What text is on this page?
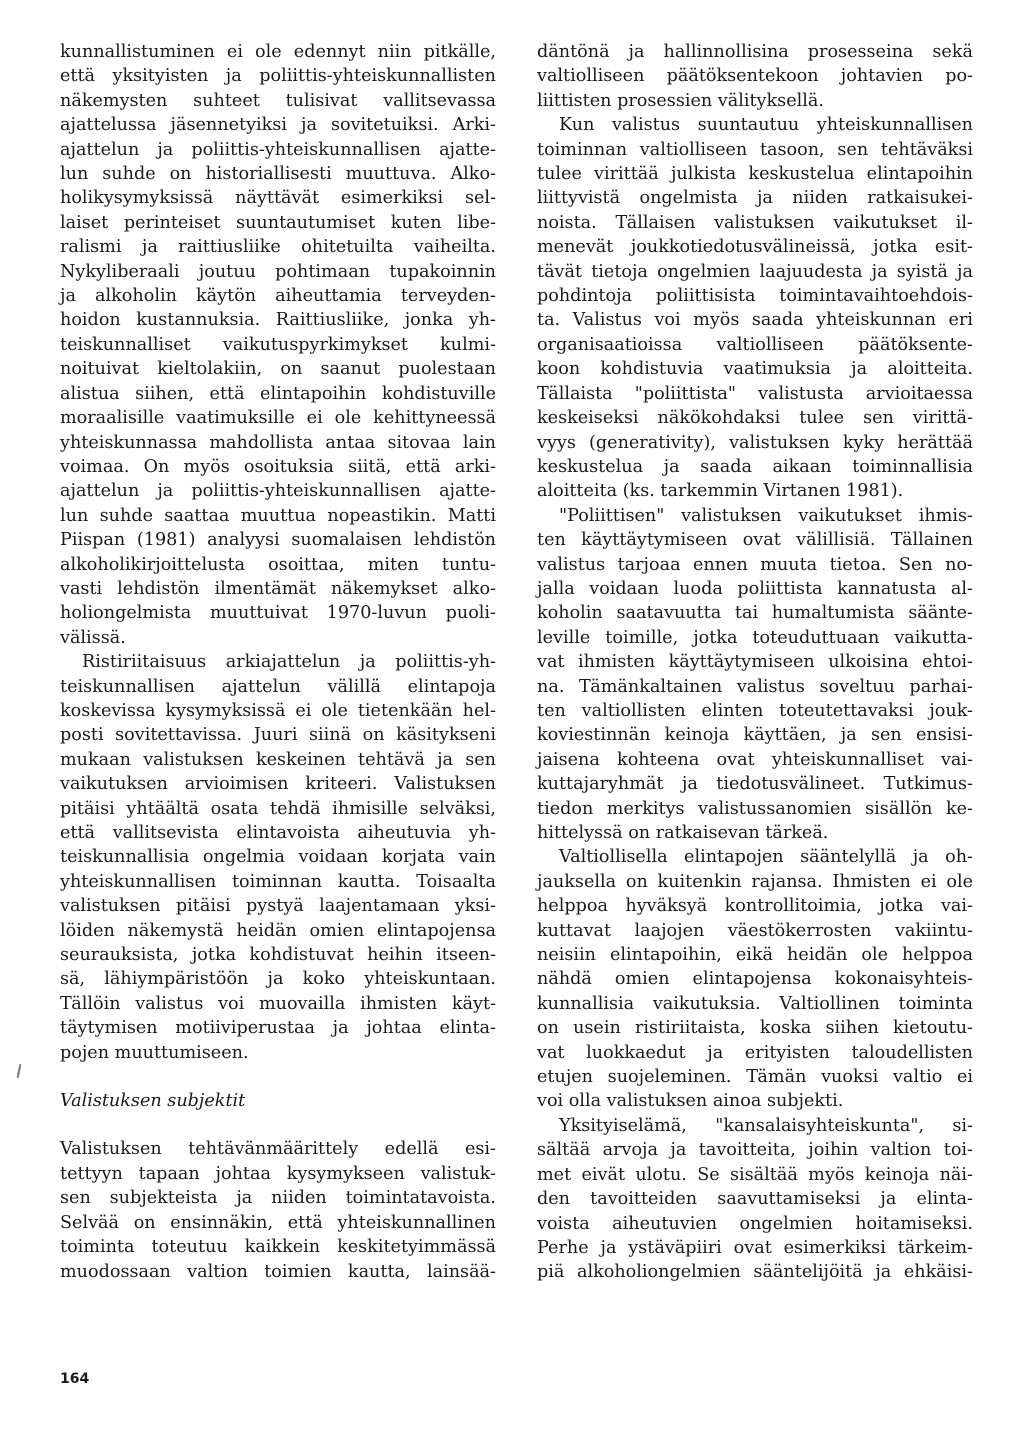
kunnallistuminen ei ole edennyt niin pitkälle,
että yksityisten ja poliittis-yhteiskunnallisten
näkemysten suhteet tulisivat vallitsevassa
ajattelussa jäsennetyiksi ja sovitetuiksi. Arki-
ajattelun ja poliittis-yhteiskunnallisen ajatte-
lun suhde on historiallisesti muuttuva. Alko-
holikysymyksissä näyttävät esimerkiksi sel-
laiset perinteiset suuntautumiset kuten libe-
ralismi ja raittiusliike ohitetuilta vaiheilta.
Nykyliberaali joutuu pohtimaan tupakoinnin
ja alkoholin käytön aiheuttamia terveyden-
hoidon kustannuksia. Raittiusliike, jonka yh-
teiskunnalliset vaikutuspyrkimykset kulmi-
noituivat kieltolakiin, on saanut puolestaan
alistua siihen, että elintapoihin kohdistuville
moraalisille vaatimuksille ei ole kehittyneessä
yhteiskunnassa mahdollista antaa sitovaa lain
voimaa. On myös osoituksia siitä, että arki-
ajattelun ja poliittis-yhteiskunnallisen ajatte-
lun suhde saattaa muuttua nopeastikin. Matti
Piispan (1981) analyysi suomalaisen lehdistön
alkoholikirjoittelusta osoittaa, miten tuntu-
vasti lehdistön ilmentämät näkemykset alko-
holiongelmista muuttuivat 1970-luvun puoli-
välissä.
Ristiriitaisuus arkiajattelun ja poliittis-yh-
teiskunnallisen ajattelun välillä elintapoja
koskevissa kysymyksissä ei ole tietenkään hel-
posti sovitettavissa. Juuri siinä on käsitykseni
mukaan valistuksen keskeinen tehtävä ja sen
vaikutuksen arvioimisen kriteeri. Valistuksen
pitäisi yhtäältä osata tehdä ihmisille selväksi,
että vallitsevista elintavoista aiheutuvia yh-
teiskunnallisia ongelmia voidaan korjata vain
yhteiskunnallisen toiminnan kautta. Toisaalta
valistuksen pitäisi pystyä laajentamaan yksi-
löiden näkemystä heidän omien elintapojensa
seurauksista, jotka kohdistuvat heihin itseen-
sä, lähiympäristöön ja koko yhteiskuntaan.
Tällöin valistus voi muovailla ihmisten käyt-
täytymisen motiiviperustaa ja johtaa elinta-
pojen muuttumiseen.
Valistuksen subjektit
Valistuksen tehtävänmäärittely edellä esi-
tettyyn tapaan johtaa kysymykseen valistuk-
sen subjekteista ja niiden toimintatavoista.
Selvää on ensinnäkin, että yhteiskunnallinen
toiminta toteutuu kaikkein keskitetyimmässä
muodossaan valtion toimien kautta, lainsää-
däntönä ja hallinnollisina prosesseina sekä
valtiolliseen päätöksentekoon johtavien po-
liittisten prosessien välityksellä.
Kun valistus suuntautuu yhteiskunnallisen
toiminnan valtiolliseen tasoon, sen tehtäväksi
tulee virittää julkista keskustelua elintapoihin
liittyvistä ongelmista ja niiden ratkaisukei-
noista. Tällaisen valistuksen vaikutukset il-
menevät joukkotiedotusvälineissä, jotka esit-
tävät tietoja ongelmien laajuudesta ja syistä ja
pohdintoja poliittisista toimintavaihtoehdois-
ta. Valistus voi myös saada yhteiskunnan eri
organisaatioissa valtiolliseen päätöksente-
koon kohdistuvia vaatimuksia ja aloitteita.
Tällaista "poliittista" valistusta arvioitaessa
keskeiseksi näkökohdaksi tulee sen virittä-
vyys (generativity), valistuksen kyky herättää
keskustelua ja saada aikaan toiminnallisia
aloitteita (ks. tarkemmin Virtanen 1981).
"Poliittisen" valistuksen vaikutukset ihmis-
ten käyttäytymiseen ovat välillisiä. Tällainen
valistus tarjoaa ennen muuta tietoa. Sen no-
jalla voidaan luoda poliittista kannatusta al-
koholin saatavuutta tai humaltumista säänte-
leville toimille, jotka toteuduttuaan vaikutta-
vat ihmisten käyttäytymiseen ulkoisina ehtoi-
na. Tämänkaltainen valistus soveltuu parhai-
ten valtiollisten elinten toteutettavaksi jouk-
koviestinnän keinoja käyttäen, ja sen ensisi-
jaisena kohteena ovat yhteiskunnalliset vai-
kuttajaryhmät ja tiedotusvälineet. Tutkimus-
tiedon merkitys valistussanomien sisällön ke-
hittelyssä on ratkaisevan tärkeä.
Valtiollisella elintapojen sääntelyllä ja oh-
jauksella on kuitenkin rajansa. Ihmisten ei ole
helppoa hyväksyä kontrollitoimia, jotka vai-
kuttavat laajojen väestökerrosten vakiintu-
neisiin elintapoihin, eikä heidän ole helppoa
nähdä omien elintapojensa kokonaisyhteis-
kunnallisia vaikutuksia. Valtiollinen toiminta
on usein ristiriitaista, koska siihen kietoutu-
vat luokkaedut ja erityisten taloudellisten
etujen suojeleminen. Tämän vuoksi valtio ei
voi olla valistuksen ainoa subjekti.
Yksityiselämä, "kansalaisyhteiskunta", si-
sältää arvoja ja tavoitteita, joihin valtion toi-
met eivät ulotu. Se sisältää myös keinoja näi-
den tavoitteiden saavuttamiseksi ja elinta-
voista aiheutuvien ongelmien hoitamiseksi.
Perhe ja ystäväpiiri ovat esimerkiksi tärkeim-
piä alkoholiongelmien sääntelijöitä ja ehkäisi-
164
